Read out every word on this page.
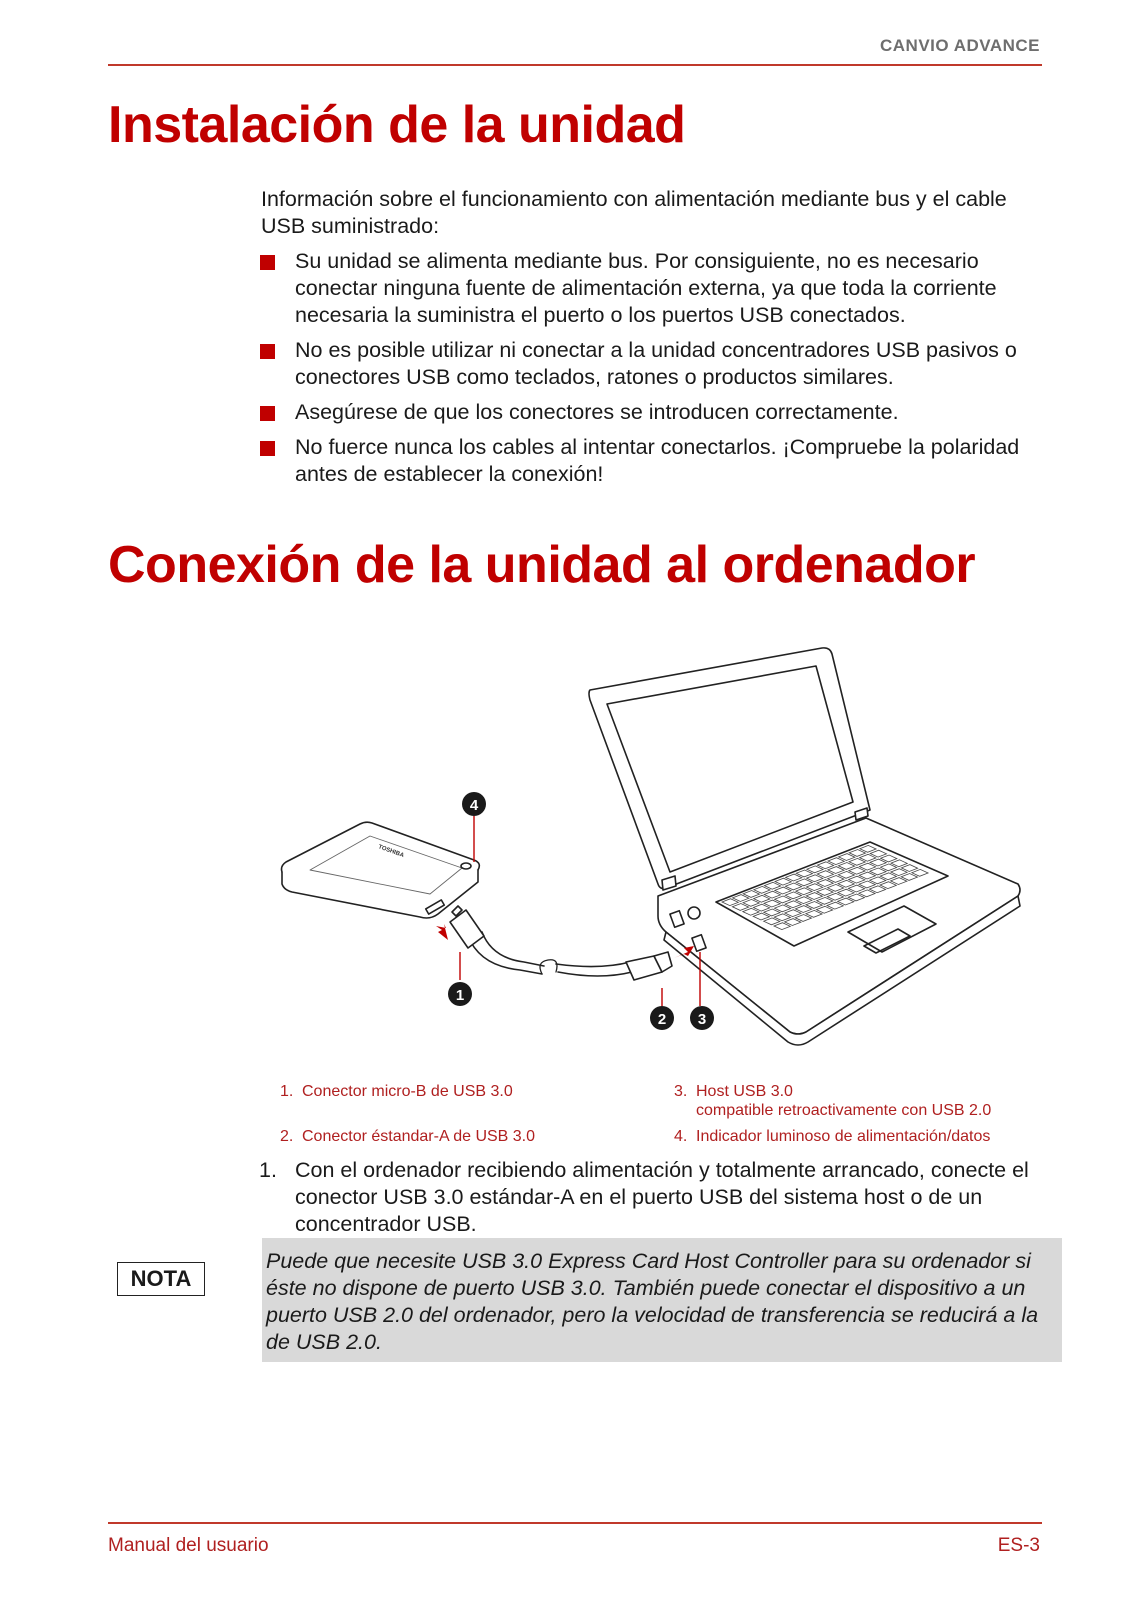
CANVIO ADVANCE
Instalación de la unidad
Información sobre el funcionamiento con alimentación mediante bus y el cable USB suministrado:
Su unidad se alimenta mediante bus. Por consiguiente, no es necesario conectar ninguna fuente de alimentación externa, ya que toda la corriente necesaria la suministra el puerto o los puertos USB conectados.
No es posible utilizar ni conectar a la unidad concentradores USB pasivos o conectores USB como teclados, ratones o productos similares.
Asegúrese de que los conectores se introducen correctamente.
No fuerce nunca los cables al intentar conectarlos. ¡Compruebe la polaridad antes de establecer la conexión!
Conexión de la unidad al ordenador
TOSHIBA
4
1
2 3
1. Conector micro-B de USB 3.0
2. Conector éstandar-A de USB 3.0
3. Host USB 3.0
compatible retroactivamente con USB 2.0
4. Indicador luminoso de alimentación/datos
1. Con el ordenador recibiendo alimentación y totalmente arrancado, conecte el conector USB 3.0 estándar-A en el puerto USB del sistema host o de un concentrador USB.
NOTA

Puede que necesite USB 3.0 Express Card Host Controller para su ordenador si éste no dispone de puerto USB 3.0. También puede conectar el dispositivo a un puerto USB 2.0 del ordenador, pero la velocidad de transferencia se reducirá a la de USB 2.0.

Manual del usuario	ES-3
